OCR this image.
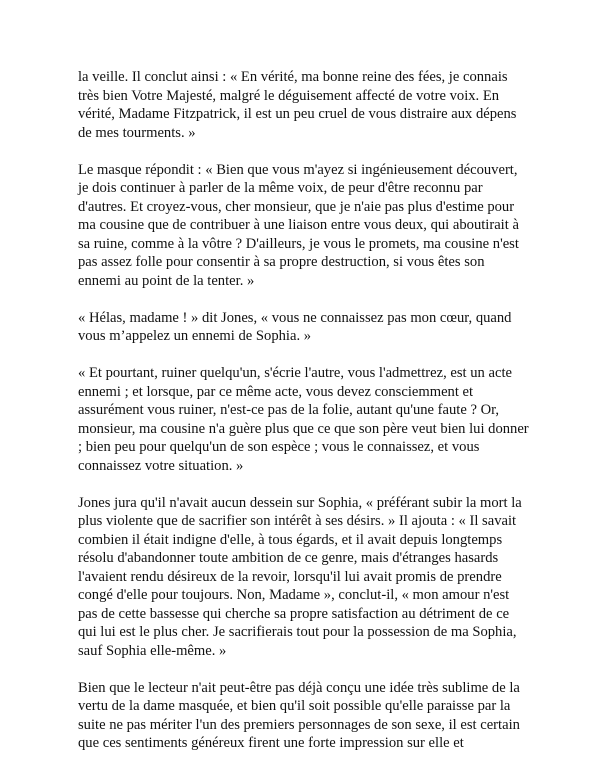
la veille. Il conclut ainsi : « En vérité, ma bonne reine des fées, je connais très bien Votre Majesté, malgré le déguisement affecté de votre voix. En vérité, Madame Fitzpatrick, il est un peu cruel de vous distraire aux dépens de mes tourments. »

Le masque répondit : « Bien que vous m'ayez si ingénieusement découvert, je dois continuer à parler de la même voix, de peur d'être reconnu par d'autres. Et croyez-vous, cher monsieur, que je n'aie pas plus d'estime pour ma cousine que de contribuer à une liaison entre vous deux, qui aboutirait à sa ruine, comme à la vôtre ? D'ailleurs, je vous le promets, ma cousine n'est pas assez folle pour consentir à sa propre destruction, si vous êtes son ennemi au point de la tenter. »

« Hélas, madame ! » dit Jones, « vous ne connaissez pas mon cœur, quand vous m’appelez un ennemi de Sophia. »

« Et pourtant, ruiner quelqu'un, s'écrie l'autre, vous l'admettrez, est un acte ennemi ; et lorsque, par ce même acte, vous devez consciemment et assurément vous ruiner, n'est-ce pas de la folie, autant qu'une faute ? Or, monsieur, ma cousine n'a guère plus que ce que son père veut bien lui donner ; bien peu pour quelqu'un de son espèce ; vous le connaissez, et vous connaissez votre situation. »

Jones jura qu'il n'avait aucun dessein sur Sophia, « préférant subir la mort la plus violente que de sacrifier son intérêt à ses désirs. » Il ajouta : « Il savait combien il était indigne d'elle, à tous égards, et il avait depuis longtemps résolu d'abandonner toute ambition de ce genre, mais d'étranges hasards l'avaient rendu désireux de la revoir, lorsqu'il lui avait promis de prendre congé d'elle pour toujours. Non, Madame », conclut-il, « mon amour n'est pas de cette bassesse qui cherche sa propre satisfaction au détriment de ce qui lui est le plus cher. Je sacrifierais tout pour la possession de ma Sophia, sauf Sophia elle-même. »

Bien que le lecteur n'ait peut-être pas déjà conçu une idée très sublime de la vertu de la dame masquée, et bien qu'il soit possible qu'elle paraisse par la suite ne pas mériter l'un des premiers personnages de son sexe, il est certain que ces sentiments généreux firent une forte impression sur elle et
